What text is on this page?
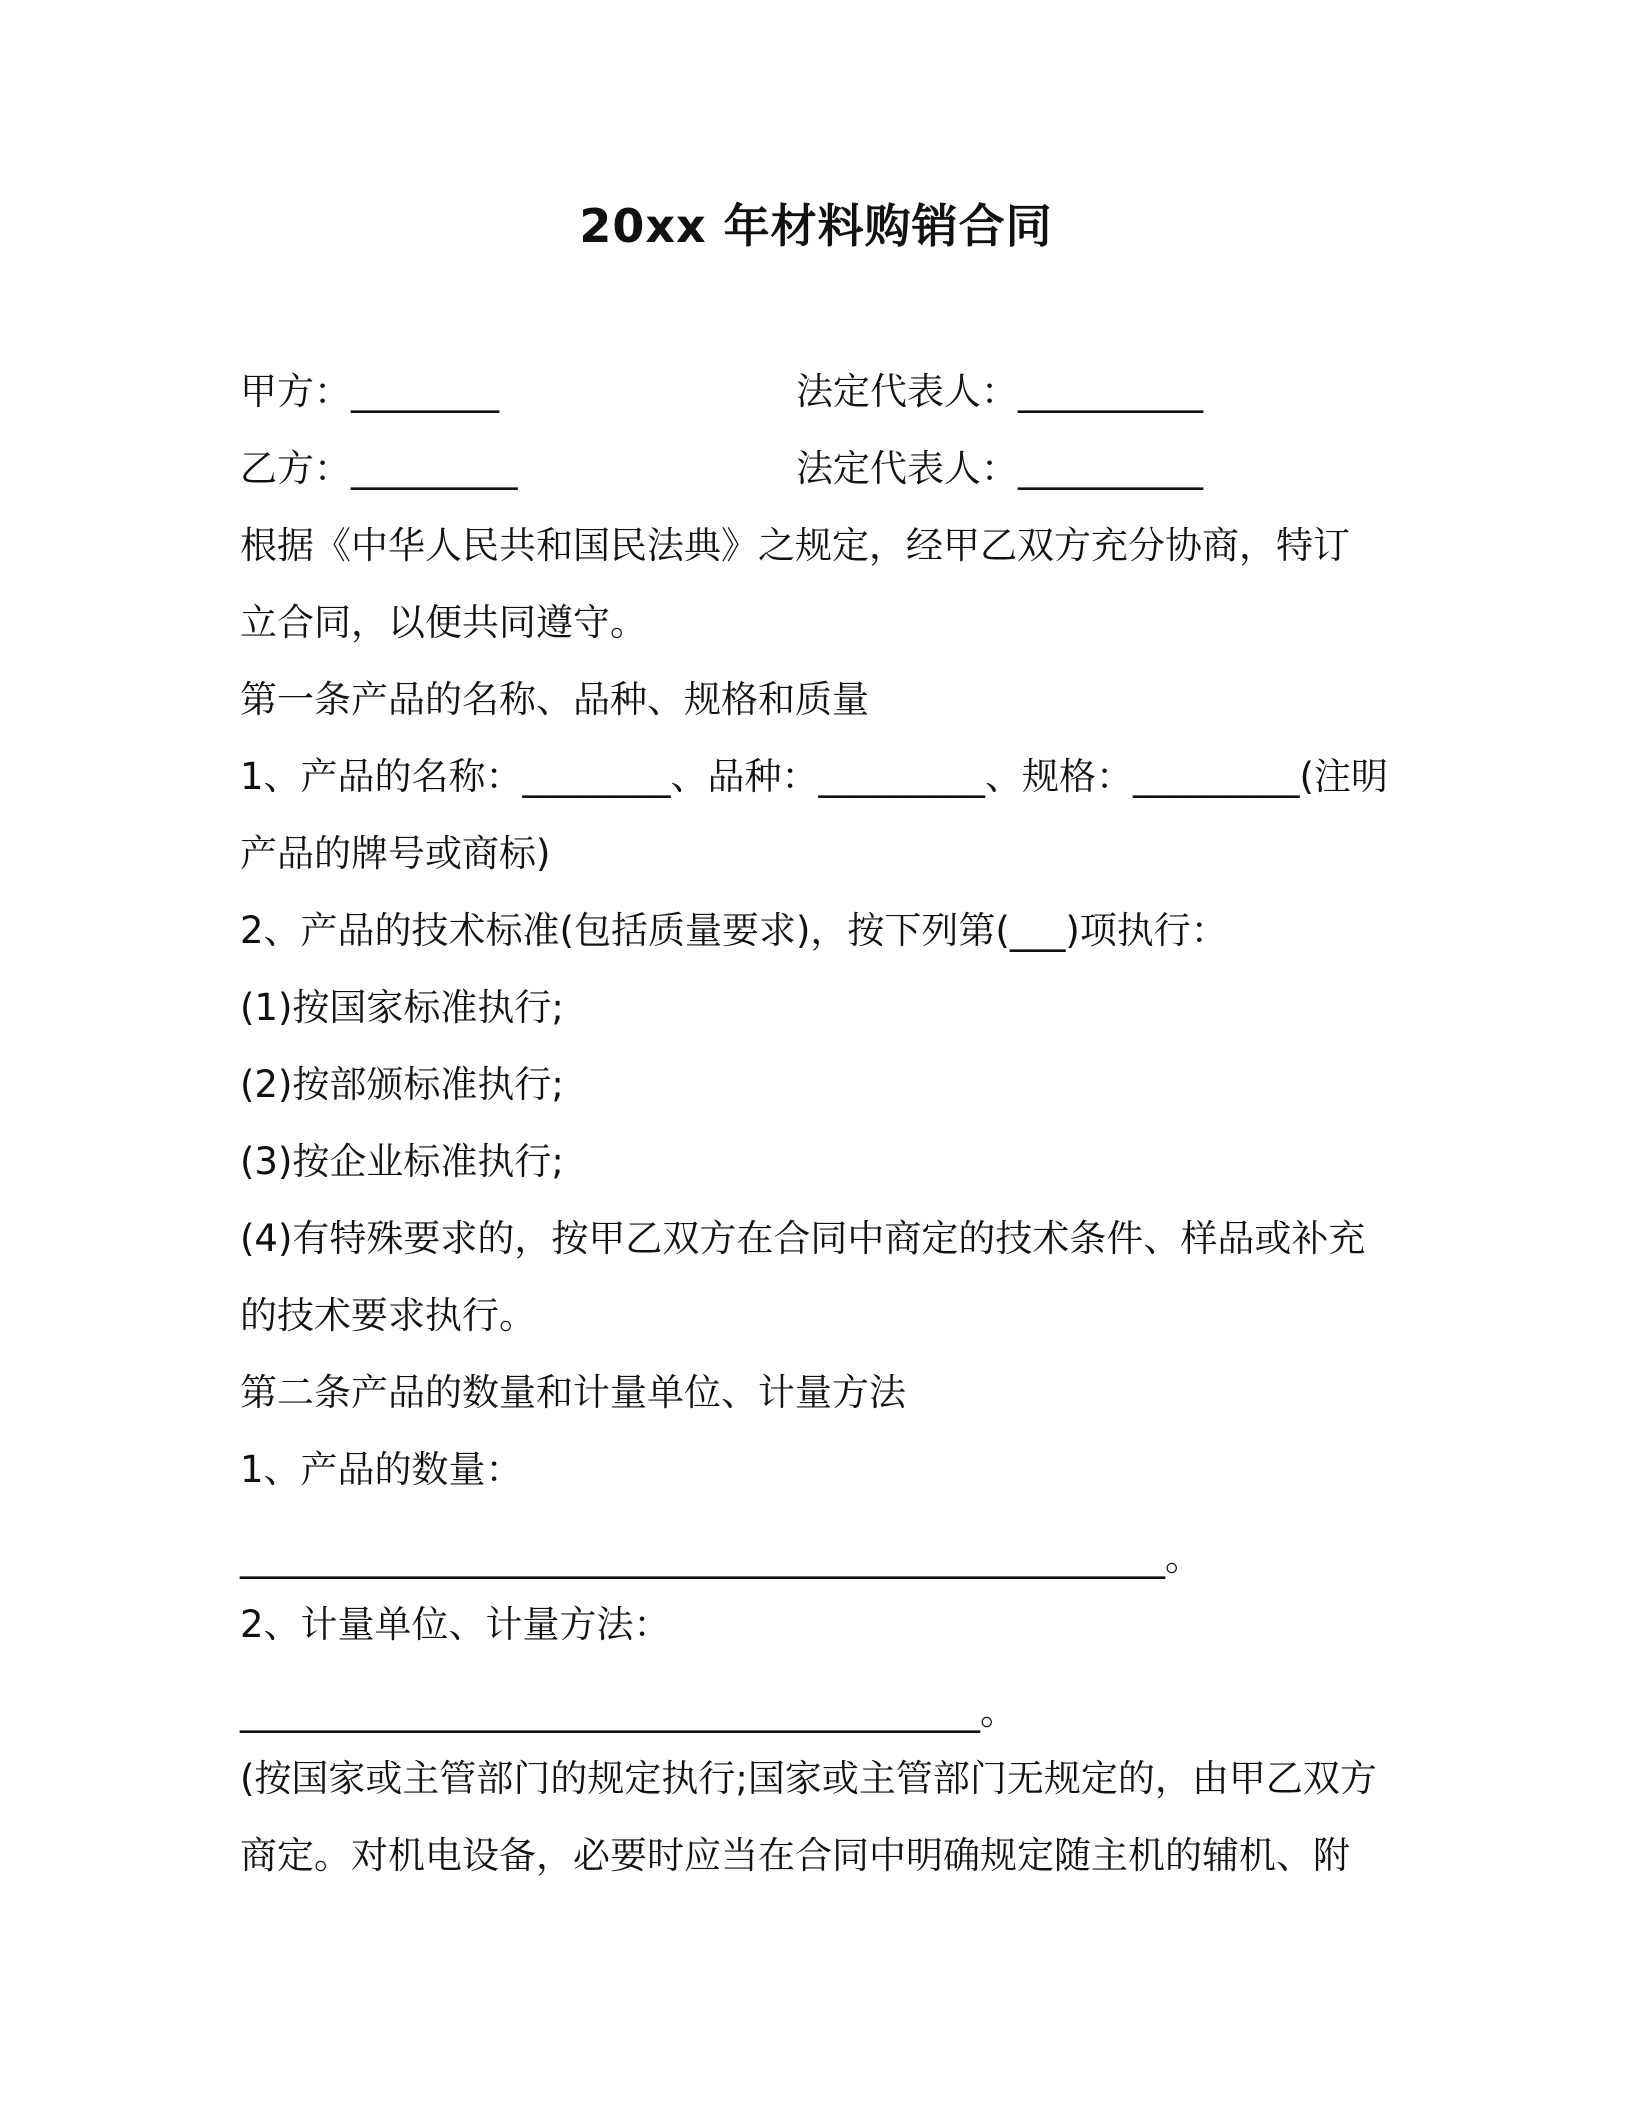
20xx 年材料购销合同
甲方：________	法定代表人：__________
乙方：_________	法定代表人：__________
根据《中华人民共和国民法典》之规定，经甲乙双方充分协商，特订
立合同，以便共同遵守。
第一条产品的名称、品种、规格和质量
1、产品的名称：________、品种：_________、规格：_________(注明
产品的牌号或商标)
2、产品的技术标准(包括质量要求)，按下列第(___)项执行：
(1)按国家标准执行;
(2)按部颁标准执行;
(3)按企业标准执行;
(4)有特殊要求的，按甲乙双方在合同中商定的技术条件、样品或补充
的技术要求执行。
第二条产品的数量和计量单位、计量方法
1、产品的数量：
__________________________________________________。
2、计量单位、计量方法：
________________________________________。
(按国家或主管部门的规定执行;国家或主管部门无规定的，由甲乙双方
商定。对机电设备，必要时应当在合同中明确规定随主机的辅机、附
